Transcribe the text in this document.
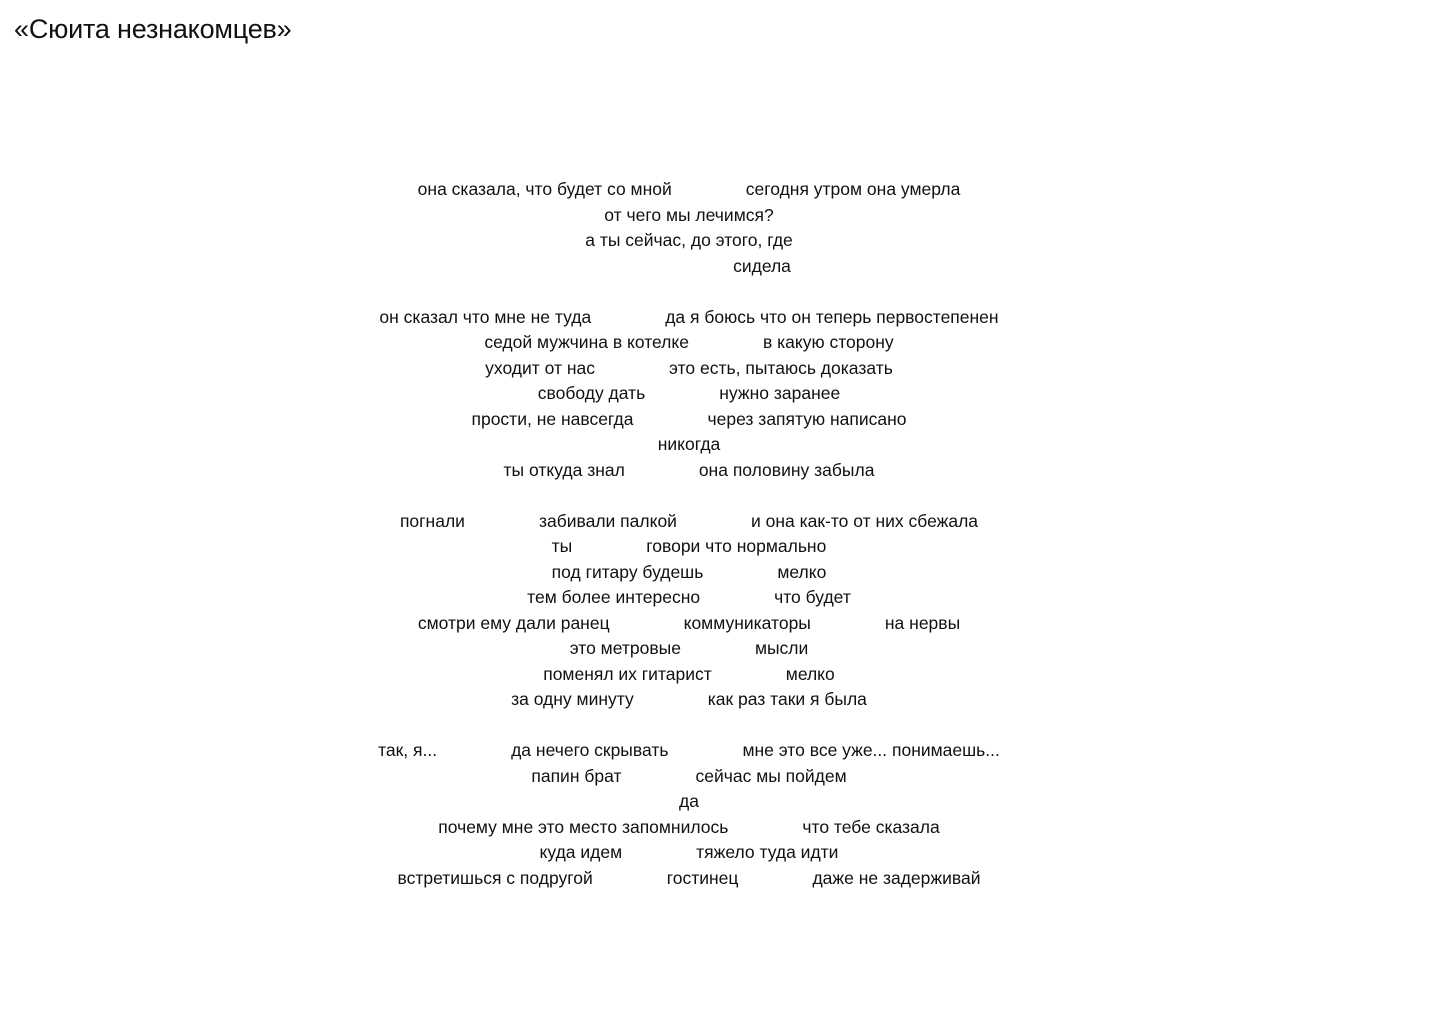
«Сюита незнакомцев»
она сказала, что будет со мной	сегодня утром она умерла
от чего мы лечимся?
а ты сейчас, до этого, где
сидела
он сказал что мне не туда	да я боюсь что он теперь первостепенен
седой мужчина в котелке	в какую сторону
уходит от нас	это есть, пытаюсь доказать
свободу дать	нужно заранее
прости, не навсегда	через запятую написано
никогда
ты откуда знал	она половину забыла
погнали	забивали палкой	и она как-то от них сбежала
ты	говори что нормально
под гитару будешь	мелко
тем более интересно	что будет
смотри ему дали ранец	коммуникаторы	на нервы
это метровые	мысли
поменял их гитарист	мелко
за одну минуту	как раз таки я была
так, я...	да нечего скрывать	мне это все уже... понимаешь...
папин брат	сейчас мы пойдем
да
почему мне это место запомнилось	что тебе сказала
куда идем	тяжело туда идти
встретишься с подругой	гостинец	даже не задерживай
